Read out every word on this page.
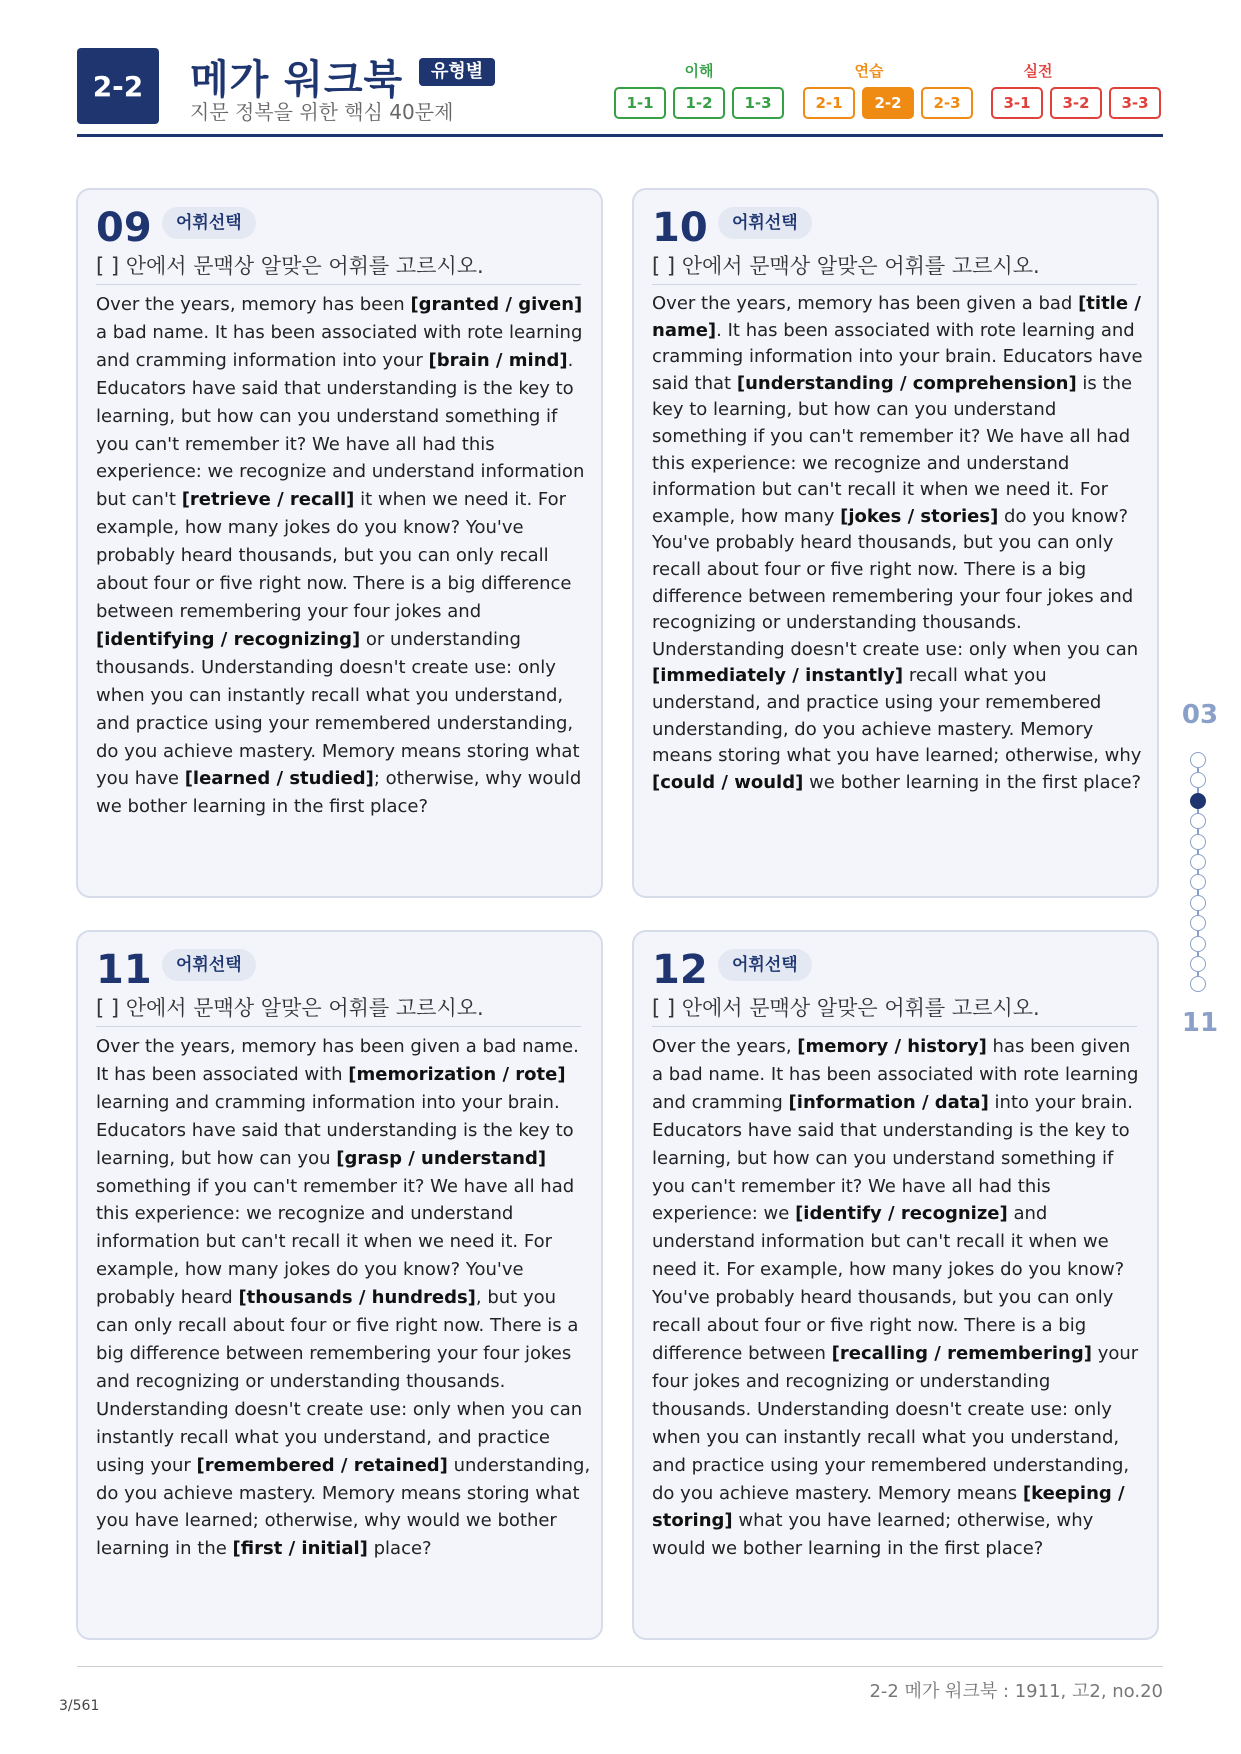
2-2	메가 워크북	유형별
지문 정복을 위한 핵심 40문제
이해	연습	실전
1-1	1-2	1-3	2-1	2-2	2-3	3-1	3-2	3-3
09	어휘선택
[ ] 안에서 문맥상 알맞은 어휘를 고르시오.
Over the years, memory has been [granted / given] a bad name. It has been associated with rote learning and cramming information into your [brain / mind]. Educators have said that understanding is the key to learning, but how can you understand something if you can't remember it? We have all had this experience: we recognize and understand information but can't [retrieve / recall] it when we need it. For example, how many jokes do you know? You've probably heard thousands, but you can only recall about four or five right now. There is a big difference between remembering your four jokes and [identifying / recognizing] or understanding thousands. Understanding doesn't create use: only when you can instantly recall what you understand, and practice using your remembered understanding, do you achieve mastery. Memory means storing what you have [learned / studied]; otherwise, why would we bother learning in the first place?
10	어휘선택
[ ] 안에서 문맥상 알맞은 어휘를 고르시오.
Over the years, memory has been given a bad [title / name]. It has been associated with rote learning and cramming information into your brain. Educators have said that [understanding / comprehension] is the key to learning, but how can you understand something if you can't remember it? We have all had this experience: we recognize and understand information but can't recall it when we need it. For example, how many [jokes / stories] do you know? You've probably heard thousands, but you can only recall about four or five right now. There is a big difference between remembering your four jokes and recognizing or understanding thousands. Understanding doesn't create use: only when you can [immediately / instantly] recall what you understand, and practice using your remembered understanding, do you achieve mastery. Memory means storing what you have learned; otherwise, why [could / would] we bother learning in the first place?
11	어휘선택
[ ] 안에서 문맥상 알맞은 어휘를 고르시오.
Over the years, memory has been given a bad name. It has been associated with [memorization / rote] learning and cramming information into your brain. Educators have said that understanding is the key to learning, but how can you [grasp / understand] something if you can't remember it? We have all had this experience: we recognize and understand information but can't recall it when we need it. For example, how many jokes do you know? You've probably heard [thousands / hundreds], but you can only recall about four or five right now. There is a big difference between remembering your four jokes and recognizing or understanding thousands. Understanding doesn't create use: only when you can instantly recall what you understand, and practice using your [remembered / retained] understanding, do you achieve mastery. Memory means storing what you have learned; otherwise, why would we bother learning in the [first / initial] place?
12	어휘선택
[ ] 안에서 문맥상 알맞은 어휘를 고르시오.
Over the years, [memory / history] has been given a bad name. It has been associated with rote learning and cramming [information / data] into your brain. Educators have said that understanding is the key to learning, but how can you understand something if you can't remember it? We have all had this experience: we [identify / recognize] and understand information but can't recall it when we need it. For example, how many jokes do you know? You've probably heard thousands, but you can only recall about four or five right now. There is a big difference between [recalling / remembering] your four jokes and recognizing or understanding thousands. Understanding doesn't create use: only when you can instantly recall what you understand, and practice using your remembered understanding, do you achieve mastery. Memory means [keeping / storing] what you have learned; otherwise, why would we bother learning in the first place?
03
11
2-2 메가 워크북 : 1911, 고2, no.20
3/561
